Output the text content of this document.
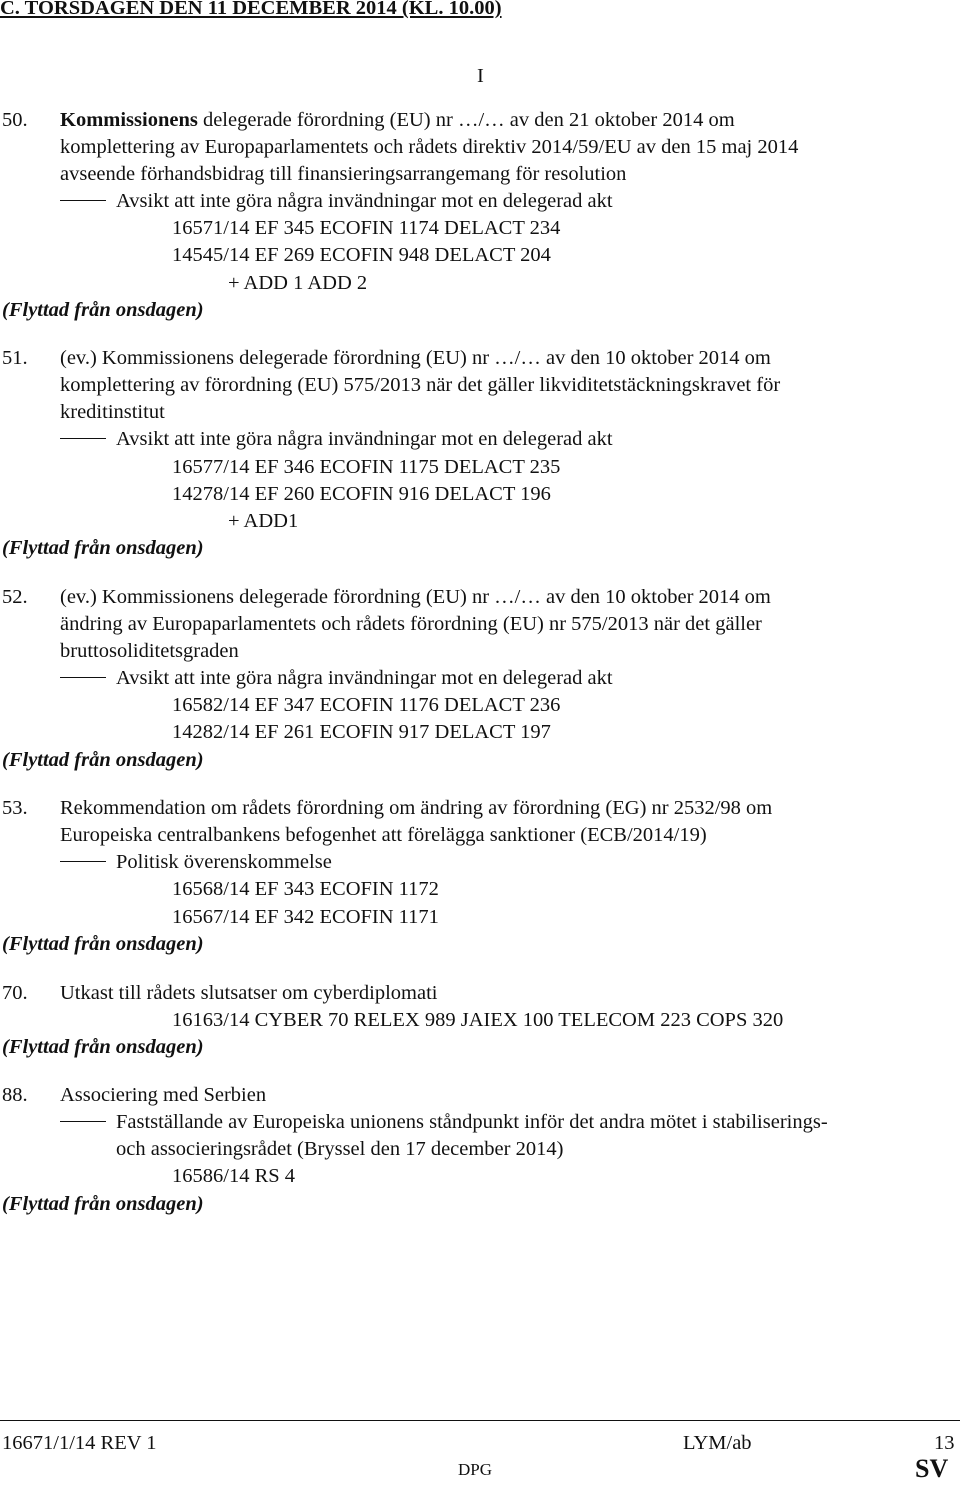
C. TORSDAGEN DEN 11 DECEMBER 2014 (KL. 10.00)
I
50. Kommissionens delegerade förordning (EU) nr …/… av den 21 oktober 2014 om
komplettering av Europaparlamentets och rådets direktiv 2014/59/EU av den 15 maj 2014
avseende förhandsbidrag till finansieringsarrangemang för resolution
Avsikt att inte göra några invändningar mot en delegerad akt
16571/14 EF 345 ECOFIN 1174 DELACT 234
14545/14 EF 269 ECOFIN 948 DELACT 204
+ ADD 1 ADD 2
(Flyttad från onsdagen)
51. (ev.) Kommissionens delegerade förordning (EU) nr …/… av den 10 oktober 2014 om
komplettering av förordning (EU) 575/2013 när det gäller likviditetstäckningskravet för
kreditinstitut
Avsikt att inte göra några invändningar mot en delegerad akt
16577/14 EF 346 ECOFIN 1175 DELACT 235
14278/14 EF 260 ECOFIN 916 DELACT 196
+ ADD1
(Flyttad från onsdagen)
52. (ev.) Kommissionens delegerade förordning (EU) nr …/… av den 10 oktober 2014 om
ändring av Europaparlamentets och rådets förordning (EU) nr 575/2013 när det gäller
bruttosoliditetsgraden
Avsikt att inte göra några invändningar mot en delegerad akt
16582/14 EF 347 ECOFIN 1176 DELACT 236
14282/14 EF 261 ECOFIN 917 DELACT 197
(Flyttad från onsdagen)
53. Rekommendation om rådets förordning om ändring av förordning (EG) nr 2532/98 om
Europeiska centralbankens befogenhet att förelägga sanktioner (ECB/2014/19)
Politisk överenskommelse
16568/14 EF 343 ECOFIN 1172
16567/14 EF 342 ECOFIN 1171
(Flyttad från onsdagen)
70. Utkast till rådets slutsatser om cyberdiplomati
16163/14 CYBER 70 RELEX 989 JAIEX 100 TELECOM 223 COPS 320
(Flyttad från onsdagen)
88. Associering med Serbien
Fastställande av Europeiska unionens ståndpunkt inför det andra mötet i stabiliserings-
och associeringsrådet (Bryssel den 17 december 2014)
16586/14 RS 4
(Flyttad från onsdagen)
16671/1/14 REV 1	LYM/ab	13
DPG	SV
